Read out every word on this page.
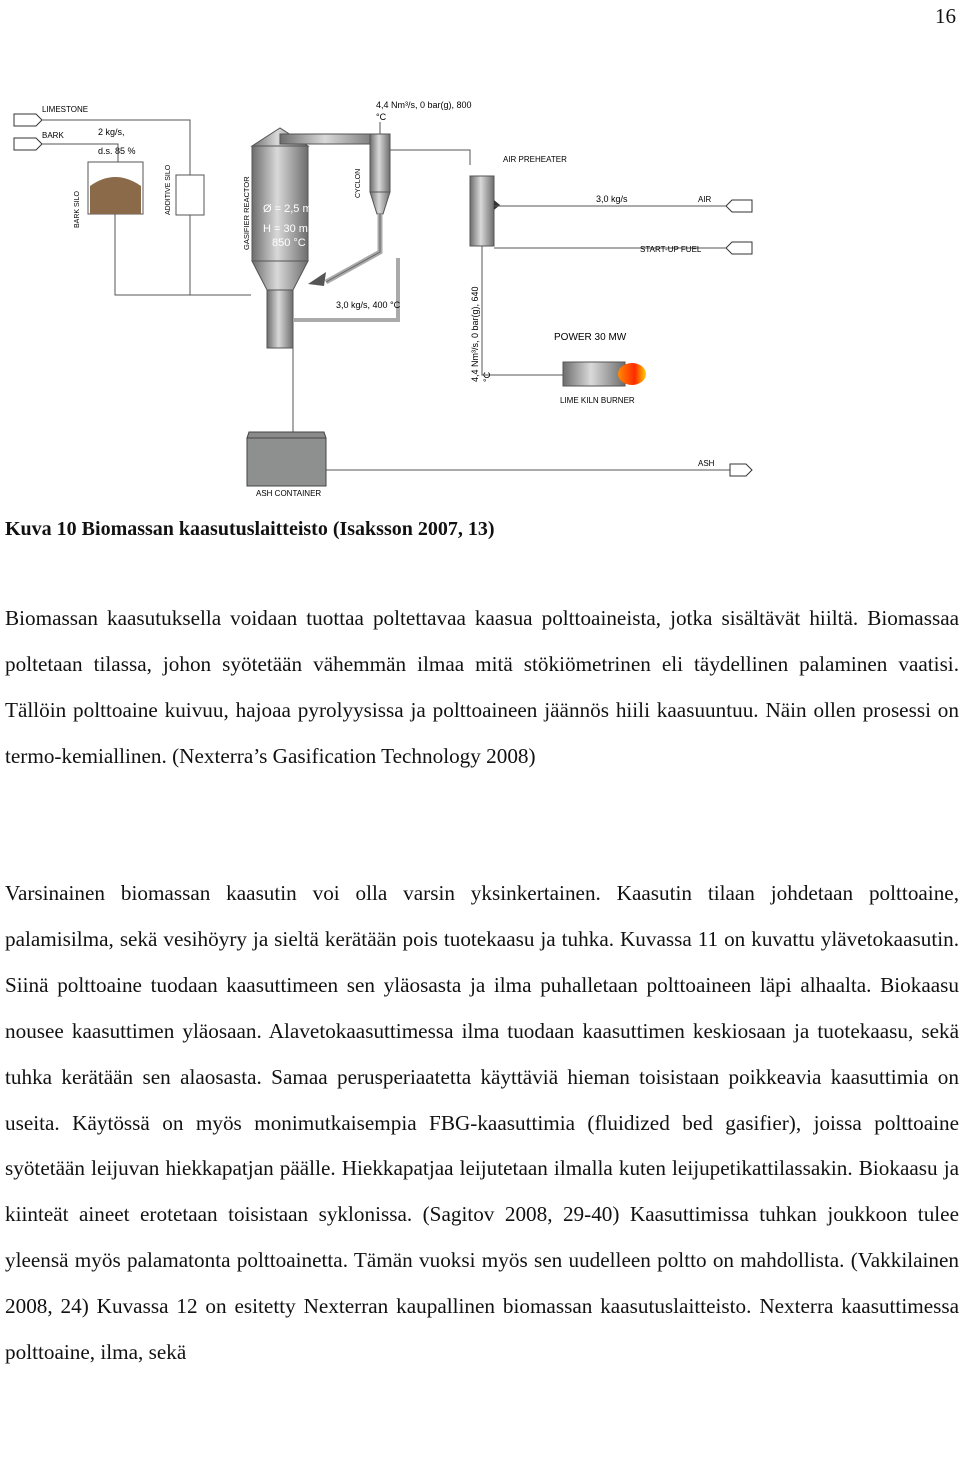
16
LIMESTONE
BARK	2 kg/s,
d.s. 85 %
BARK SILO	ADDITIVE SILO	GASIFIER REACTOR Ø = 2,5 m
H = 30 m
850 °C
CYCLON
4,4 Nm³/s, 0 bar(g), 800
°C
3,0 kg/s, 400 °C
AIR PREHEATER
3,0 kg/s	AIR
START-UP FUEL
4,4 Nm³/s, 0 bar(g), 640 °C
POWER 30 MW
LIME KILN BURNER
ASH
ASH CONTAINER
Kuva 10 Biomassan kaasutuslaitteisto (Isaksson 2007, 13)

Biomassan kaasutuksella voidaan tuottaa poltettavaa kaasua polttoaineista, jotka sisältävät hiiltä. Biomassaa poltetaan tilassa, johon syötetään vähemmän ilmaa mitä stökiömetrinen eli täydellinen palaminen vaatisi. Tällöin polttoaine kuivuu, hajoaa pyrolyysissa ja polttoaineen jäännös hiili kaasuuntuu. Näin ollen prosessi on termo-kemiallinen. (Nexterra’s Gasification Technology 2008)

Varsinainen biomassan kaasutin voi olla varsin yksinkertainen. Kaasutin tilaan johdetaan polttoaine, palamisilma, sekä vesihöyry ja sieltä kerätään pois tuotekaasu ja tuhka. Kuvassa 11 on kuvattu ylävetokaasutin. Siinä polttoaine tuodaan kaasuttimeen sen yläosasta ja ilma puhalletaan polttoaineen läpi alhaalta. Biokaasu nousee kaasuttimen yläosaan. Alavetokaasuttimessa ilma tuodaan kaasuttimen keskiosaan ja tuotekaasu, sekä tuhka kerätään sen alaosasta. Samaa perusperiaatetta käyttäviä hieman toisistaan poikkeavia kaasuttimia on useita. Käytössä on myös monimutkaisempia FBG-kaasuttimia (fluidized bed gasifier), joissa polttoaine syötetään leijuvan hiekkapatjan päälle. Hiekkapatjaa leijutetaan ilmalla kuten leijupetikattilassakin. Biokaasu ja kiinteät aineet erotetaan toisistaan syklonissa. (Sagitov 2008, 29-40) Kaasuttimissa tuhkan joukkoon tulee yleensä myös palamatonta polttoainetta. Tämän vuoksi myös sen uudelleen poltto on mahdollista. (Vakkilainen 2008, 24) Kuvassa 12 on esitetty Nexterran kaupallinen biomassan kaasutuslaitteisto. Nexterra kaasuttimessa polttoaine, ilma, sekä
